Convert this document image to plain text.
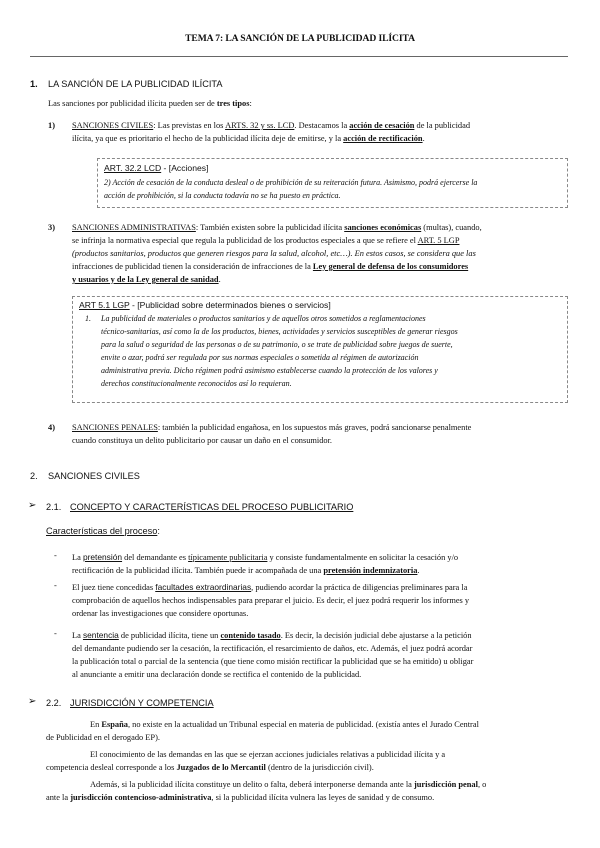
TEMA 7: LA SANCIÓN DE LA PUBLICIDAD ILÍCITA
1. LA SANCIÓN DE LA PUBLICIDAD ILÍCITA
Las sanciones por publicidad ilícita pueden ser de tres tipos:
1) SANCIONES CIVILES: Las previstas en los ARTS. 32 y ss. LCD. Destacamos la acción de cesación de la publicidad
ilícita, ya que es prioritario el hecho de la publicidad ilícita deje de emitirse, y la acción de rectificación.
ART. 32.2 LCD - [Acciones]
2) Acción de cesación de la conducta desleal o de prohibición de su reiteración futura. Asimismo, podrá ejercerse la
acción de prohibición, si la conducta todavía no se ha puesto en práctica.
3) SANCIONES ADMINISTRATIVAS: También existen sobre la publicidad ilícita sanciones económicas (multas), cuando,
se infrinja la normativa especial que regula la publicidad de los productos especiales a que se refiere el ART. 5 LGP
(productos sanitarios, productos que generen riesgos para la salud, alcohol, etc…). En estos casos, se considera que las
infracciones de publicidad tienen la consideración de infracciones de la Ley general de defensa de los consumidores
y usuarios y de la Ley general de sanidad.
ART 5.1 LGP - [Publicidad sobre determinados bienes o servicios]
1. La publicidad de materiales o productos sanitarios y de aquellos otros sometidos a reglamentaciones
técnico-sanitarias, así como la de los productos, bienes, actividades y servicios susceptibles de generar riesgos
para la salud o seguridad de las personas o de su patrimonio, o se trate de publicidad sobre juegos de suerte,
envite o azar, podrá ser regulada por sus normas especiales o sometida al régimen de autorización
administrativa previa. Dicho régimen podrá asimismo establecerse cuando la protección de los valores y
derechos constitucionalmente reconocidos así lo requieran.
4) SANCIONES PENALES: también la publicidad engañosa, en los supuestos más graves, podrá sancionarse penalmente
cuando constituya un delito publicitario por causar un daño en el consumidor.
2. SANCIONES CIVILES
➢ 2.1. CONCEPTO Y CARACTERÍSTICAS DEL PROCESO PUBLICITARIO
Características del proceso:
- La pretensión del demandante es típicamente publicitaria y consiste fundamentalmente en solicitar la cesación y/o
rectificación de la publicidad ilícita. También puede ir acompañada de una pretensión indemnizatoria.
- El juez tiene concedidas facultades extraordinarias, pudiendo acordar la práctica de diligencias preliminares para la
comprobación de aquellos hechos indispensables para preparar el juicio. Es decir, el juez podrá requerir los informes y
ordenar las investigaciones que considere oportunas.
- La sentencia de publicidad ilícita, tiene un contenido tasado. Es decir, la decisión judicial debe ajustarse a la petición
del demandante pudiendo ser la cesación, la rectificación, el resarcimiento de daños, etc. Además, el juez podrá acordar
la publicación total o parcial de la sentencia (que tiene como misión rectificar la publicidad que se ha emitido) u obligar
al anunciante a emitir una declaración donde se rectifica el contenido de la publicidad.
➢ 2.2. JURISDICCIÓN Y COMPETENCIA
En España, no existe en la actualidad un Tribunal especial en materia de publicidad. (existía antes el Jurado Central
de Publicidad en el derogado EP).
El conocimiento de las demandas en las que se ejerzan acciones judiciales relativas a publicidad ilícita y a
competencia desleal corresponde a los Juzgados de lo Mercantil (dentro de la jurisdicción civil).
Además, si la publicidad ilícita constituye un delito o falta, deberá interponerse demanda ante la jurisdicción penal, o
ante la jurisdicción contencioso-administrativa, si la publicidad ilícita vulnera las leyes de sanidad y de consumo.
